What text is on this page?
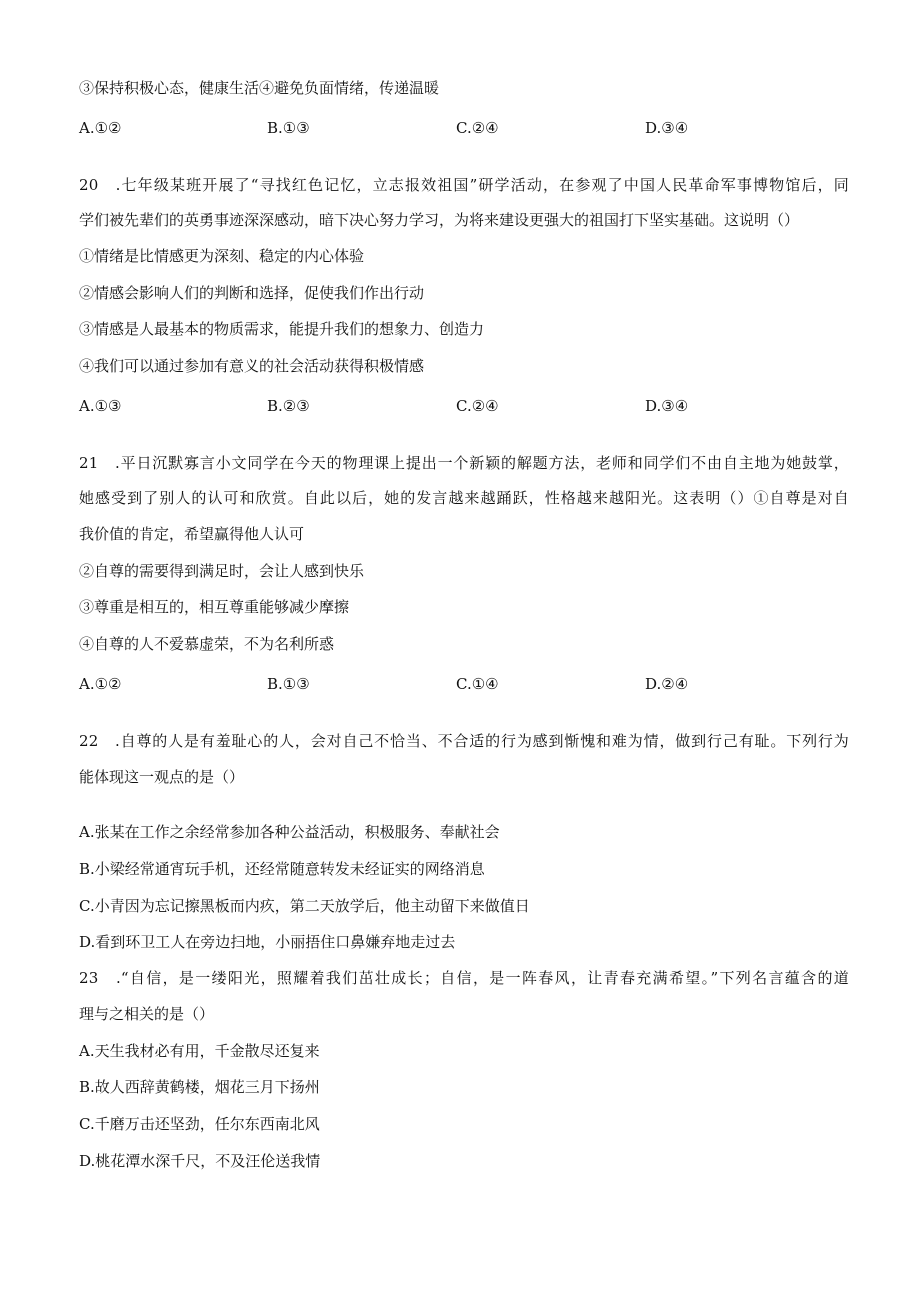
③保持积极心态，健康生活④避免负面情绪，传递温暖
A.①②	B.①③	C.②④	D.③④
20　.七年级某班开展了“寻找红色记忆，立志报效祖国”研学活动，在参观了中国人民革命军事博物馆后，同
学们被先辈们的英勇事迹深深感动，暗下决心努力学习，为将来建设更强大的祖国打下坚实基础。这说明（）
①情绪是比情感更为深刻、稳定的内心体验
②情感会影响人们的判断和选择，促使我们作出行动
③情感是人最基本的物质需求，能提升我们的想象力、创造力
④我们可以通过参加有意义的社会活动获得积极情感
A.①③	B.②③	C.②④	D.③④
21　.平日沉默寡言小文同学在今天的物理课上提出一个新颖的解题方法，老师和同学们不由自主地为她鼓掌，
她感受到了别人的认可和欣赏。自此以后，她的发言越来越踊跃，性格越来越阳光。这表明（）①自尊是对自
我价值的肯定，希望赢得他人认可
②自尊的需要得到满足时，会让人感到快乐
③尊重是相互的，相互尊重能够减少摩擦
④自尊的人不爱慕虚荣，不为名利所惑
A.①②	B.①③	C.①④	D.②④
22　.自尊的人是有羞耻心的人，会对自己不恰当、不合适的行为感到惭愧和难为情，做到行己有耻。下列行为
能体现这一观点的是（）
A.张某在工作之余经常参加各种公益活动，积极服务、奉献社会
B.小梁经常通宵玩手机，还经常随意转发未经证实的网络消息
C.小青因为忘记擦黑板而内疚，第二天放学后，他主动留下来做值日
D.看到环卫工人在旁边扫地，小丽捂住口鼻嫌弃地走过去
23　.“自信，是一缕阳光，照耀着我们茁壮成长；自信，是一阵春风，让青春充满希望。”下列名言蕴含的道
理与之相关的是（）
A.天生我材必有用，千金散尽还复来
B.故人西辞黄鹤楼，烟花三月下扬州
C.千磨万击还坚劲，任尔东西南北风
D.桃花潭水深千尺，不及汪伦送我情
